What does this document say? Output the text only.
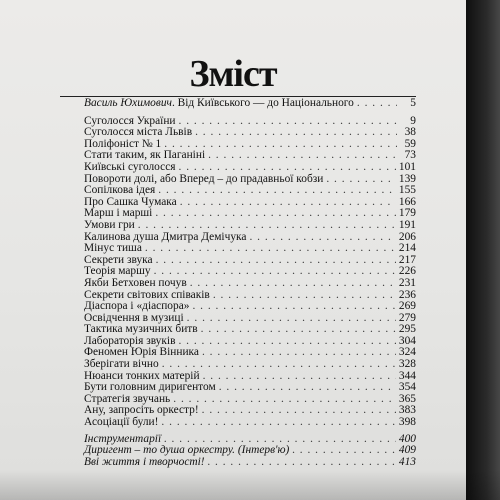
Зміст
Василь Юхимович. Від Київського — до Національного . . .	5
Суголосся України . . .	9
Суголосся міста Львів . . .	38
Поліфоніст № 1 . . .	59
Стати таким, як Паганіні . . .	73
Київські суголосся . . .	101
Повороти долі, або Вперед – до прадавньої кобзи . . .	139
Сопілкова ідея . . .	155
Про Сашка Чумака . . .	166
Марш і марші . . .	179
Умови гри . . .	191
Калинова душа Дмитра Демічука . . .	206
Мінус тиша . . .	214
Секрети звука . . .	217
Теорія маршу . . .	226
Якби Бетховен почув . . .	231
Секрети світових співаків . . .	236
Діаспора і «діаспора» . . .	269
Освідчення в музиці . . .	279
Тактика музичних битв . . .	295
Лабораторія звуків . . .	304
Феномен Юрія Вінника . . .	324
Зберігати вічно . . .	328
Нюанси тонких матерій . . .	344
Бути головним диригентом . . .	354
Стратегія звучань . . .	365
Ану, запросіть оркестр! . . .	383
Асоціації були! . . .	398
Інструментарії . . .	400
Диригент – то душа оркестру. (Інтерв'ю) . . .	409
Вві життя і творчості! . . .	413
